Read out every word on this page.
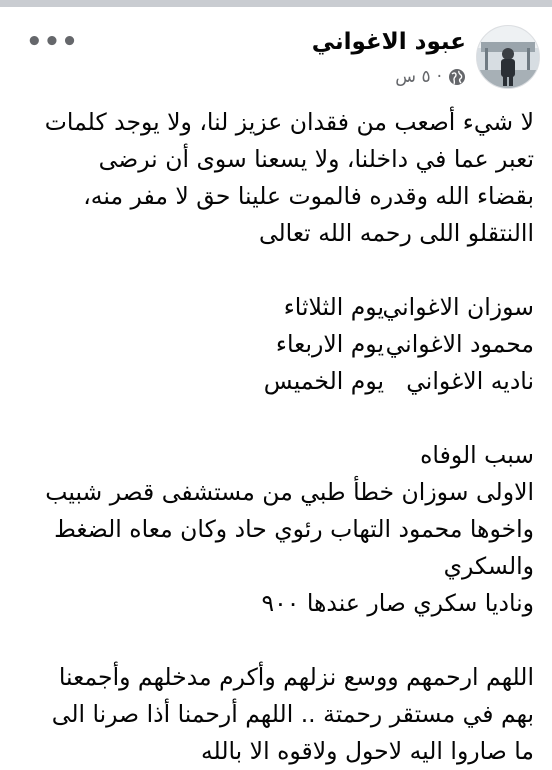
عبود الاغواني
٥ س ·
•••
لا شيء أصعب من فقدان عزيز لنا، ولا يوجد كلمات
تعبر عما في داخلنا، ولا يسعنا سوى أن نرضى
بقضاء الله وقدره فالموت علينا حق لا مفر منه،
االنتقلو اللى رحمه الله تعالى
سوزان الاغواني
يوم الثلاثاء
محمود الاغواني
يوم الاربعاء
ناديه الاغواني
يوم الخميس
سبب الوفاه
الاولى سوزان خطأ طبي من مستشفى قصر شبيب
واخوها محمود التهاب رئوي حاد وكان معاه الضغط
والسكري
وناديا سكري صار عندها ٩٠٠
اللهم ارحمهم ووسع نزلهم وأكرم مدخلهم وأجمعنا
بهم في مستقر رحمتة .. اللهم أرحمنا أذا صرنا الى
ما صاروا اليه لاحول ولاقوه الا بالله
